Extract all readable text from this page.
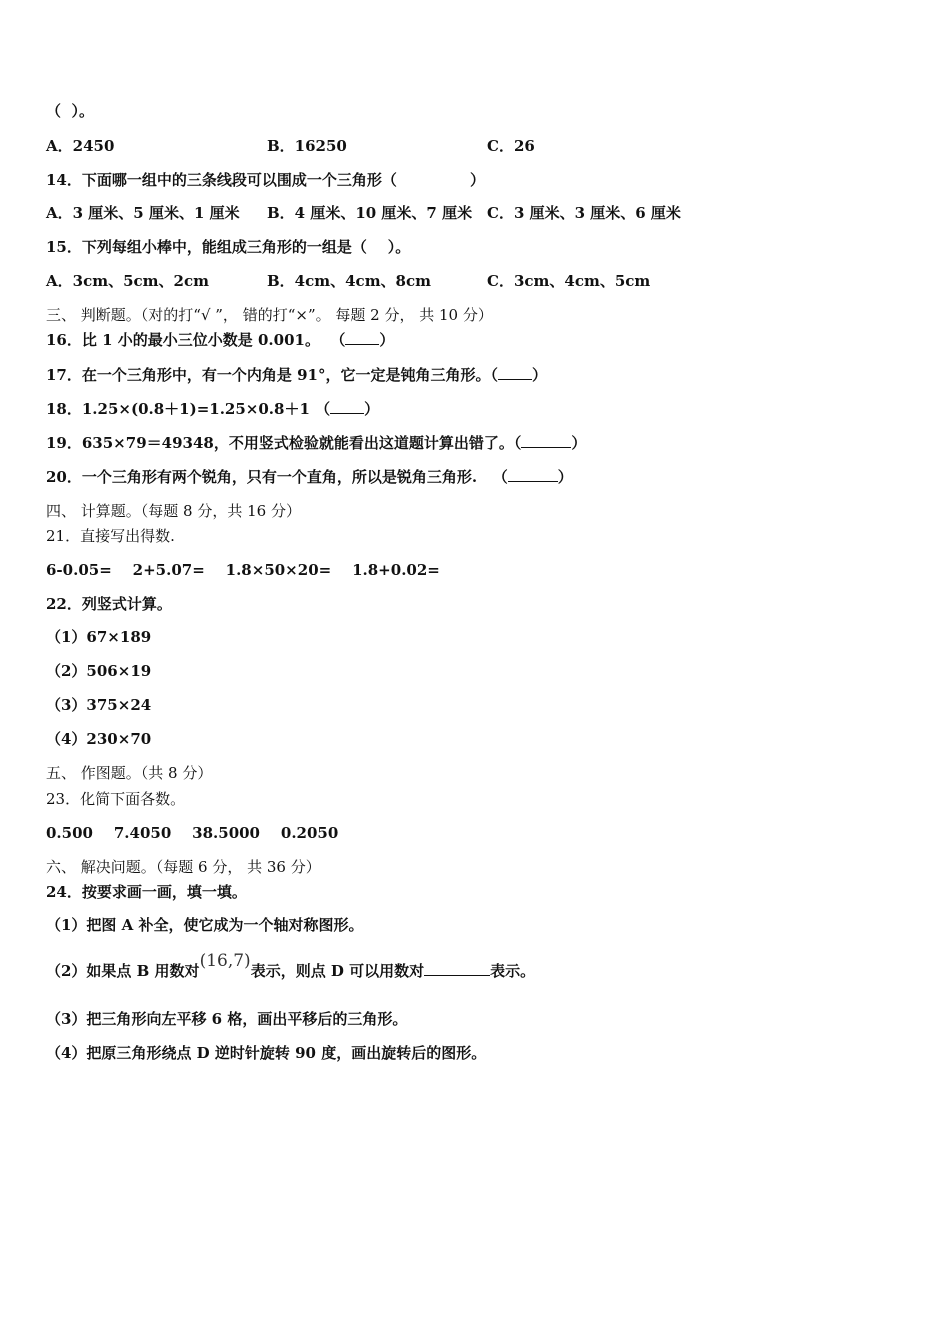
（  ）。
A．2450	B．16250	C．26
14．下面哪一组中的三条线段可以围成一个三角形（              ）
A．3 厘米、5 厘米、1 厘米 B．4 厘米、10 厘米、7 厘米 C．3 厘米、3 厘米、6 厘米
15．下列每组小棒中，能组成三角形的一组是（    ）。
A．3cm、5cm、2cm	B．4cm、4cm、8cm	C．3cm、4cm、5cm
三、 判断题。（对的打“√ ”， 错的打“×”。 每题 2 分， 共 10 分）
16．比 1 小的最小三位小数是 0.001。  （ ）
17．在一个三角形中，有一个内角是 91°，它一定是钝角三角形。（ ）
18．1.25×(0.8＋1)=1.25×0.8＋1 （ ）
19．635×79＝49348，不用竖式检验就能看出这道题计算出错了。（	）
20．一个三角形有两个锐角，只有一个直角，所以是锐角三角形.   （	）
四、 计算题。（每题 8 分，共 16 分）
21．直接写出得数.
6-0.05=    2+5.07=    1.8×50×20=    1.8+0.02=
22．列竖式计算。
（1）67×189
（2）506×19
（3）375×24
（4）230×70
五、 作图题。（共 8 分）
23．化简下面各数。
0.500    7.4050    38.5000    0.2050
六、 解决问题。（每题 6 分， 共 36 分）
24．按要求画一画，填一填。
（1）把图 A 补全，使它成为一个轴对称图形。
（2）如果点 B 用数对(16,7)表示，则点 D 可以用数对	表示。
（3）把三角形向左平移 6 格，画出平移后的三角形。
（4）把原三角形绕点 D 逆时针旋转 90 度，画出旋转后的图形。
